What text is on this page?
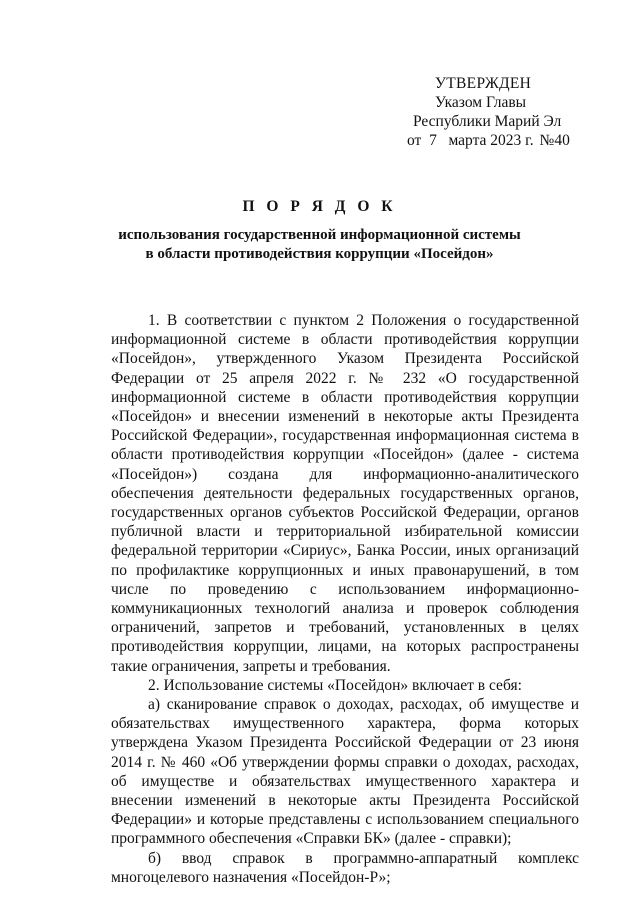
УТВЕРЖДЕН
Указом Главы
Республики Марий Эл
от 7 марта 2023 г. №40
П О Р Я Д О К
использования государственной информационной системы
в области противодействия коррупции «Посейдон»

1. В соответствии с пунктом 2 Положения о государственной информационной системе в области противодействия коррупции «Посейдон», утвержденного Указом Президента Российской Федерации от 25 апреля 2022 г. № 232 «О государственной информационной системе в области противодействия коррупции «Посейдон» и внесении изменений в некоторые акты Президента Российской Федерации», государственная информационная система в области противодействия коррупции «Посейдон» (далее - система «Посейдон») создана для информационно-аналитического обеспечения деятельности федеральных государственных органов, государственных органов субъектов Российской Федерации, органов публичной власти и территориальной избирательной комиссии федеральной территории «Сириус», Банка России, иных организаций по профилактике коррупционных и иных правонарушений, в том числе по проведению с использованием информационно-коммуникационных технологий анализа и проверок соблюдения ограничений, запретов и требований, установленных в целях противодействия коррупции, лицами, на которых распространены такие ограничения, запреты и требования.

2. Использование системы «Посейдон» включает в себя:

а) сканирование справок о доходах, расходах, об имуществе и обязательствах имущественного характера, форма которых утверждена Указом Президента Российской Федерации от 23 июня 2014 г. № 460 «Об утверждении формы справки о доходах, расходах, об имуществе и обязательствах имущественного характера и внесении изменений в некоторые акты Президента Российской Федерации» и которые представлены с использованием специального программного обеспечения «Справки БК» (далее - справки);

б) ввод справок в программно-аппаратный комплекс многоцелевого назначения «Посейдон-Р»;
